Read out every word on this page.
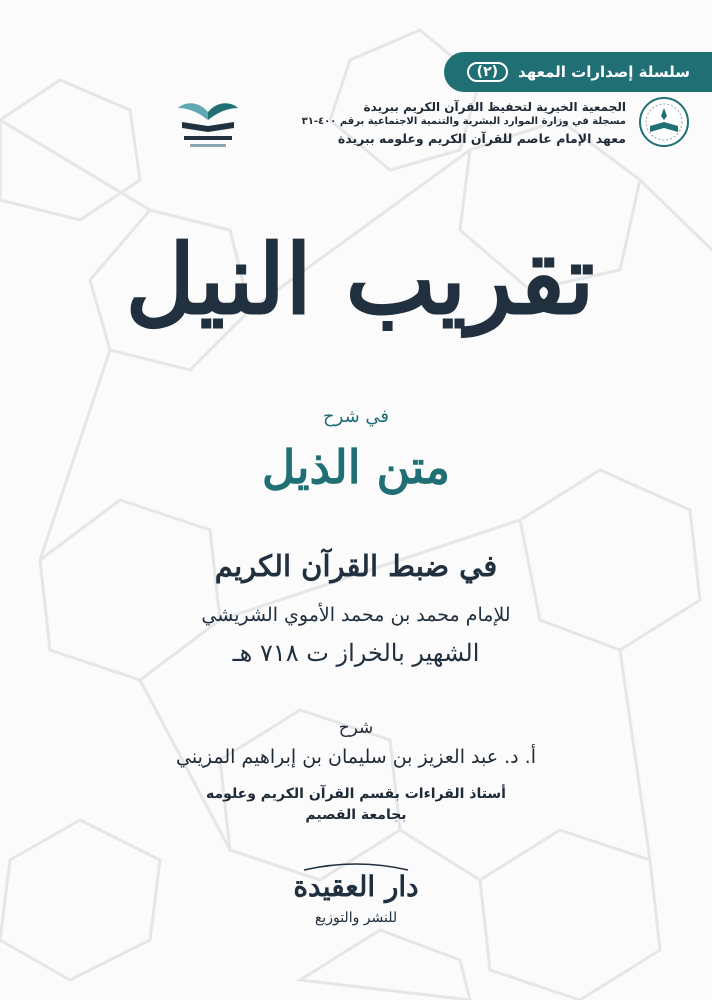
سلسلة إصدارات المعهد
(٢)
الجمعية الخيرية لتحفيظ القرآن الكريم ببريدة
مسجلة في وزارة الموارد البشرية والتنمية الاجتماعية برقم ٤٠٠-٣١
معهد الإمام عاصم للقرآن الكريم وعلومه ببريدة
تقريب النيل
في شرح
متن الذيل
في ضبط القرآن الكريم
للإمام محمد بن محمد الأموي الشريشي
الشهير بالخراز ت ٧١٨ هـ
شرح
أ. د. عبد العزيز بن سليمان بن إبراهيم المزيني
أستاذ القراءات بقسم القرآن الكريم وعلومه
بجامعة القصيم
دار العقيدة
للنشر والتوزيع
